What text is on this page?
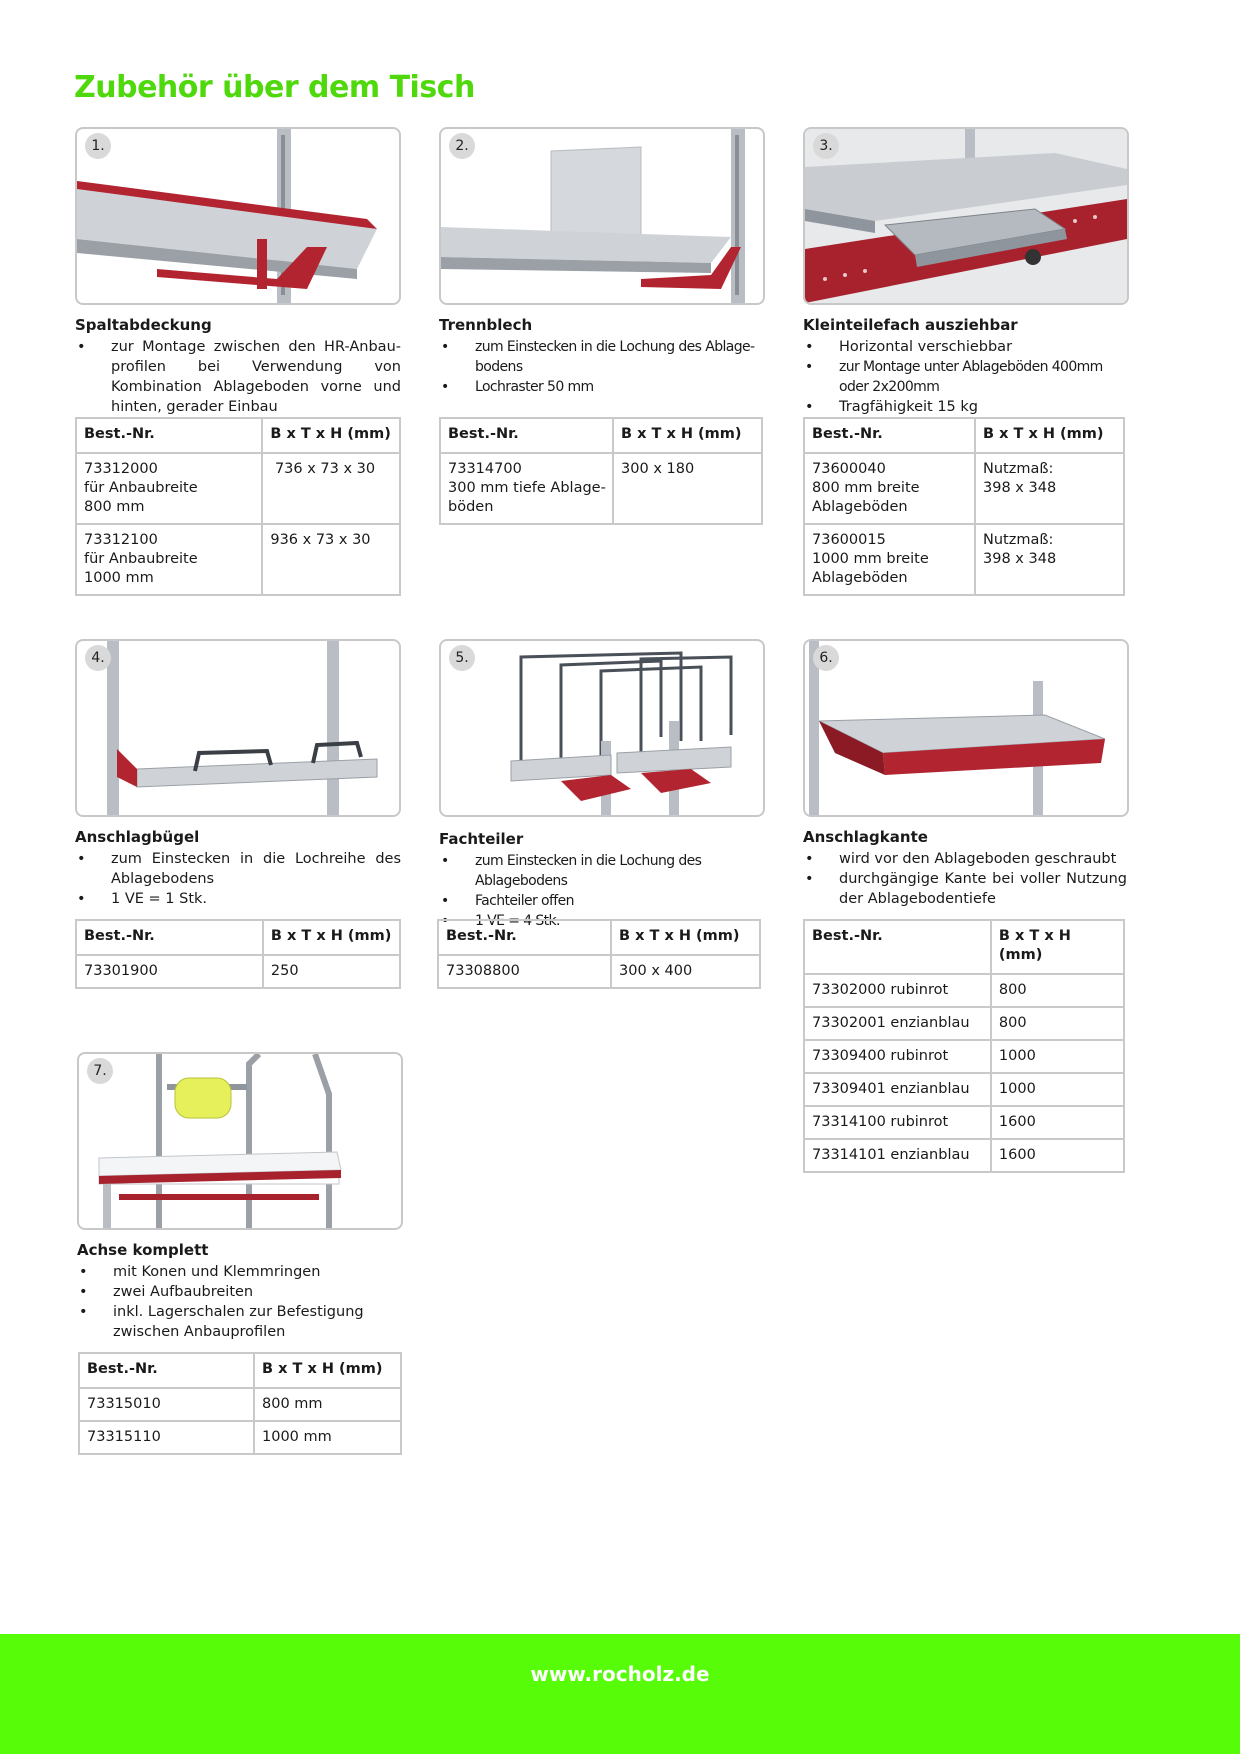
Zubehör über dem Tisch
1.
Spaltabdeckung
• zur Montage zwischen den HR-Anbau-profilen bei Verwendung von Kombination Ablageboden vorne und hinten, gerader Einbau
Best.-Nr.	B x T x H (mm)
73312000
für Anbaubreite
800 mm	736 x 73 x 30
73312100
für Anbaubreite
1000 mm	936 x 73 x 30
2.
Trennblech
• zum Einstecken in die Lochung des Ablage-bodens
• Lochraster 50 mm
Best.-Nr.	B x T x H (mm)
73314700
300 mm tiefe Ablage-
böden	300 x 180
3.
Kleinteilefach ausziehbar
• Horizontal verschiebbar
• zur Montage unter Ablageböden 400mm oder 2x200mm
• Tragfähigkeit 15 kg
Best.-Nr.	B x T x H (mm)
73600040
800 mm breite
Ablageböden	Nutzmaß:
398 x 348
73600015
1000 mm breite
Ablageböden	Nutzmaß:
398 x 348
4.
Anschlagbügel
• zum Einstecken in die Lochreihe des Ablagebodens
• 1 VE = 1 Stk.
Best.-Nr.	B x T x H (mm)
73301900	250
5.
Fachteiler
• zum Einstecken in die Lochung des Ablagebodens
• Fachteiler offen
• 1 VE = 4 Stk.
Best.-Nr.	B x T x H (mm)
73308800	300 x 400
6.
Anschlagkante
• wird vor den Ablageboden geschraubt
• durchgängige Kante bei voller Nutzung der Ablagebodentiefe
Best.-Nr.	B x T x H (mm)
73302000 rubinrot	800
73302001 enzianblau	800
73309400 rubinrot	1000
73309401 enzianblau	1000
73314100 rubinrot	1600
73314101 enzianblau	1600
7.
Achse komplett
• mit Konen und Klemmringen
• zwei Aufbaubreiten
• inkl. Lagerschalen zur Befestigung zwischen Anbauprofilen
Best.-Nr.	B x T x H (mm)
73315010	800 mm
73315110	1000 mm
www.rocholz.de
